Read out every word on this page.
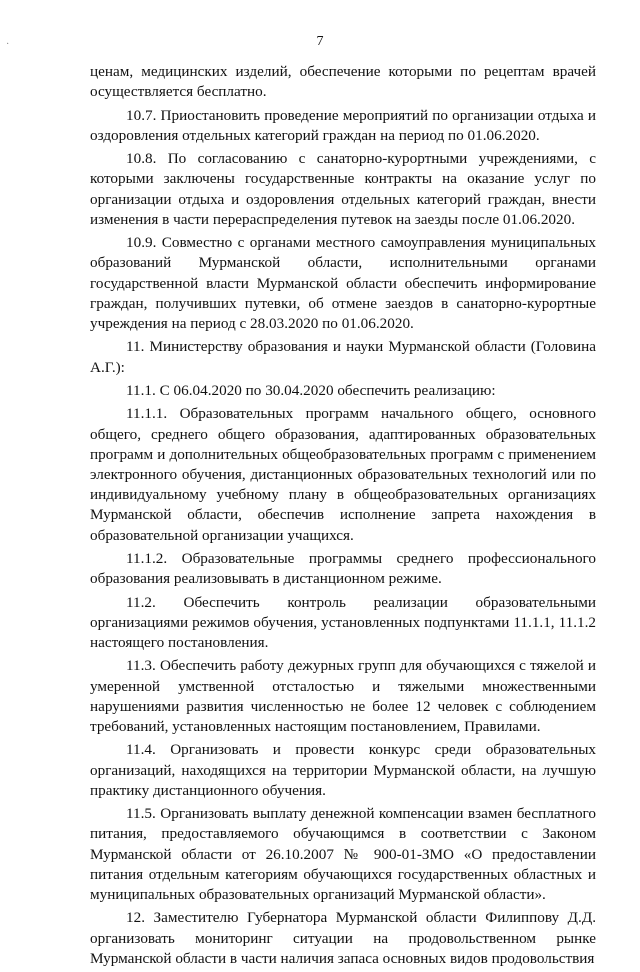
·	7

ценам, медицинских изделий, обеспечение которыми по рецептам врачей осуществляется бесплатно.

10.7. Приостановить проведение мероприятий по организации отдыха и оздоровления отдельных категорий граждан на период по 01.06.2020.

10.8. По согласованию с санаторно-курортными учреждениями, с которыми заключены государственные контракты на оказание услуг по организации отдыха и оздоровления отдельных категорий граждан, внести изменения в части перераспределения путевок на заезды после 01.06.2020.

10.9. Совместно с органами местного самоуправления муниципальных образований Мурманской области, исполнительными органами государственной власти Мурманской области обеспечить информирование граждан, получивших путевки, об отмене заездов в санаторно-курортные учреждения на период с 28.03.2020 по 01.06.2020.

11. Министерству образования и науки Мурманской области (Головина А.Г.):

11.1. С 06.04.2020 по 30.04.2020 обеспечить реализацию:

11.1.1. Образовательных программ начального общего, основного общего, среднего общего образования, адаптированных образовательных программ и дополнительных общеобразовательных программ с применением электронного обучения, дистанционных образовательных технологий или по индивидуальному учебному плану в общеобразовательных организациях Мурманской области, обеспечив исполнение запрета нахождения в образовательной организации учащихся.

11.1.2. Образовательные программы среднего профессионального образования реализовывать в дистанционном режиме.

11.2. Обеспечить контроль реализации образовательными организациями режимов обучения, установленных подпунктами 11.1.1, 11.1.2 настоящего постановления.

11.3. Обеспечить работу дежурных групп для обучающихся с тяжелой и умеренной умственной отсталостью и тяжелыми множественными нарушениями развития численностью не более 12 человек с соблюдением требований, установленных настоящим постановлением, Правилами.

11.4. Организовать и провести конкурс среди образовательных организаций, находящихся на территории Мурманской области, на лучшую практику дистанционного обучения.

11.5. Организовать выплату денежной компенсации взамен бесплатного питания, предоставляемого обучающимся в соответствии с Законом Мурманской области от 26.10.2007 № 900-01-ЗМО «О предоставлении питания отдельным категориям обучающихся государственных областных и муниципальных образовательных организаций Мурманской области».

12. Заместителю Губернатора Мурманской области Филиппову Д.Д. организовать мониторинг ситуации на продовольственном рынке Мурманской области в части наличия запаса основных видов продовольствия
